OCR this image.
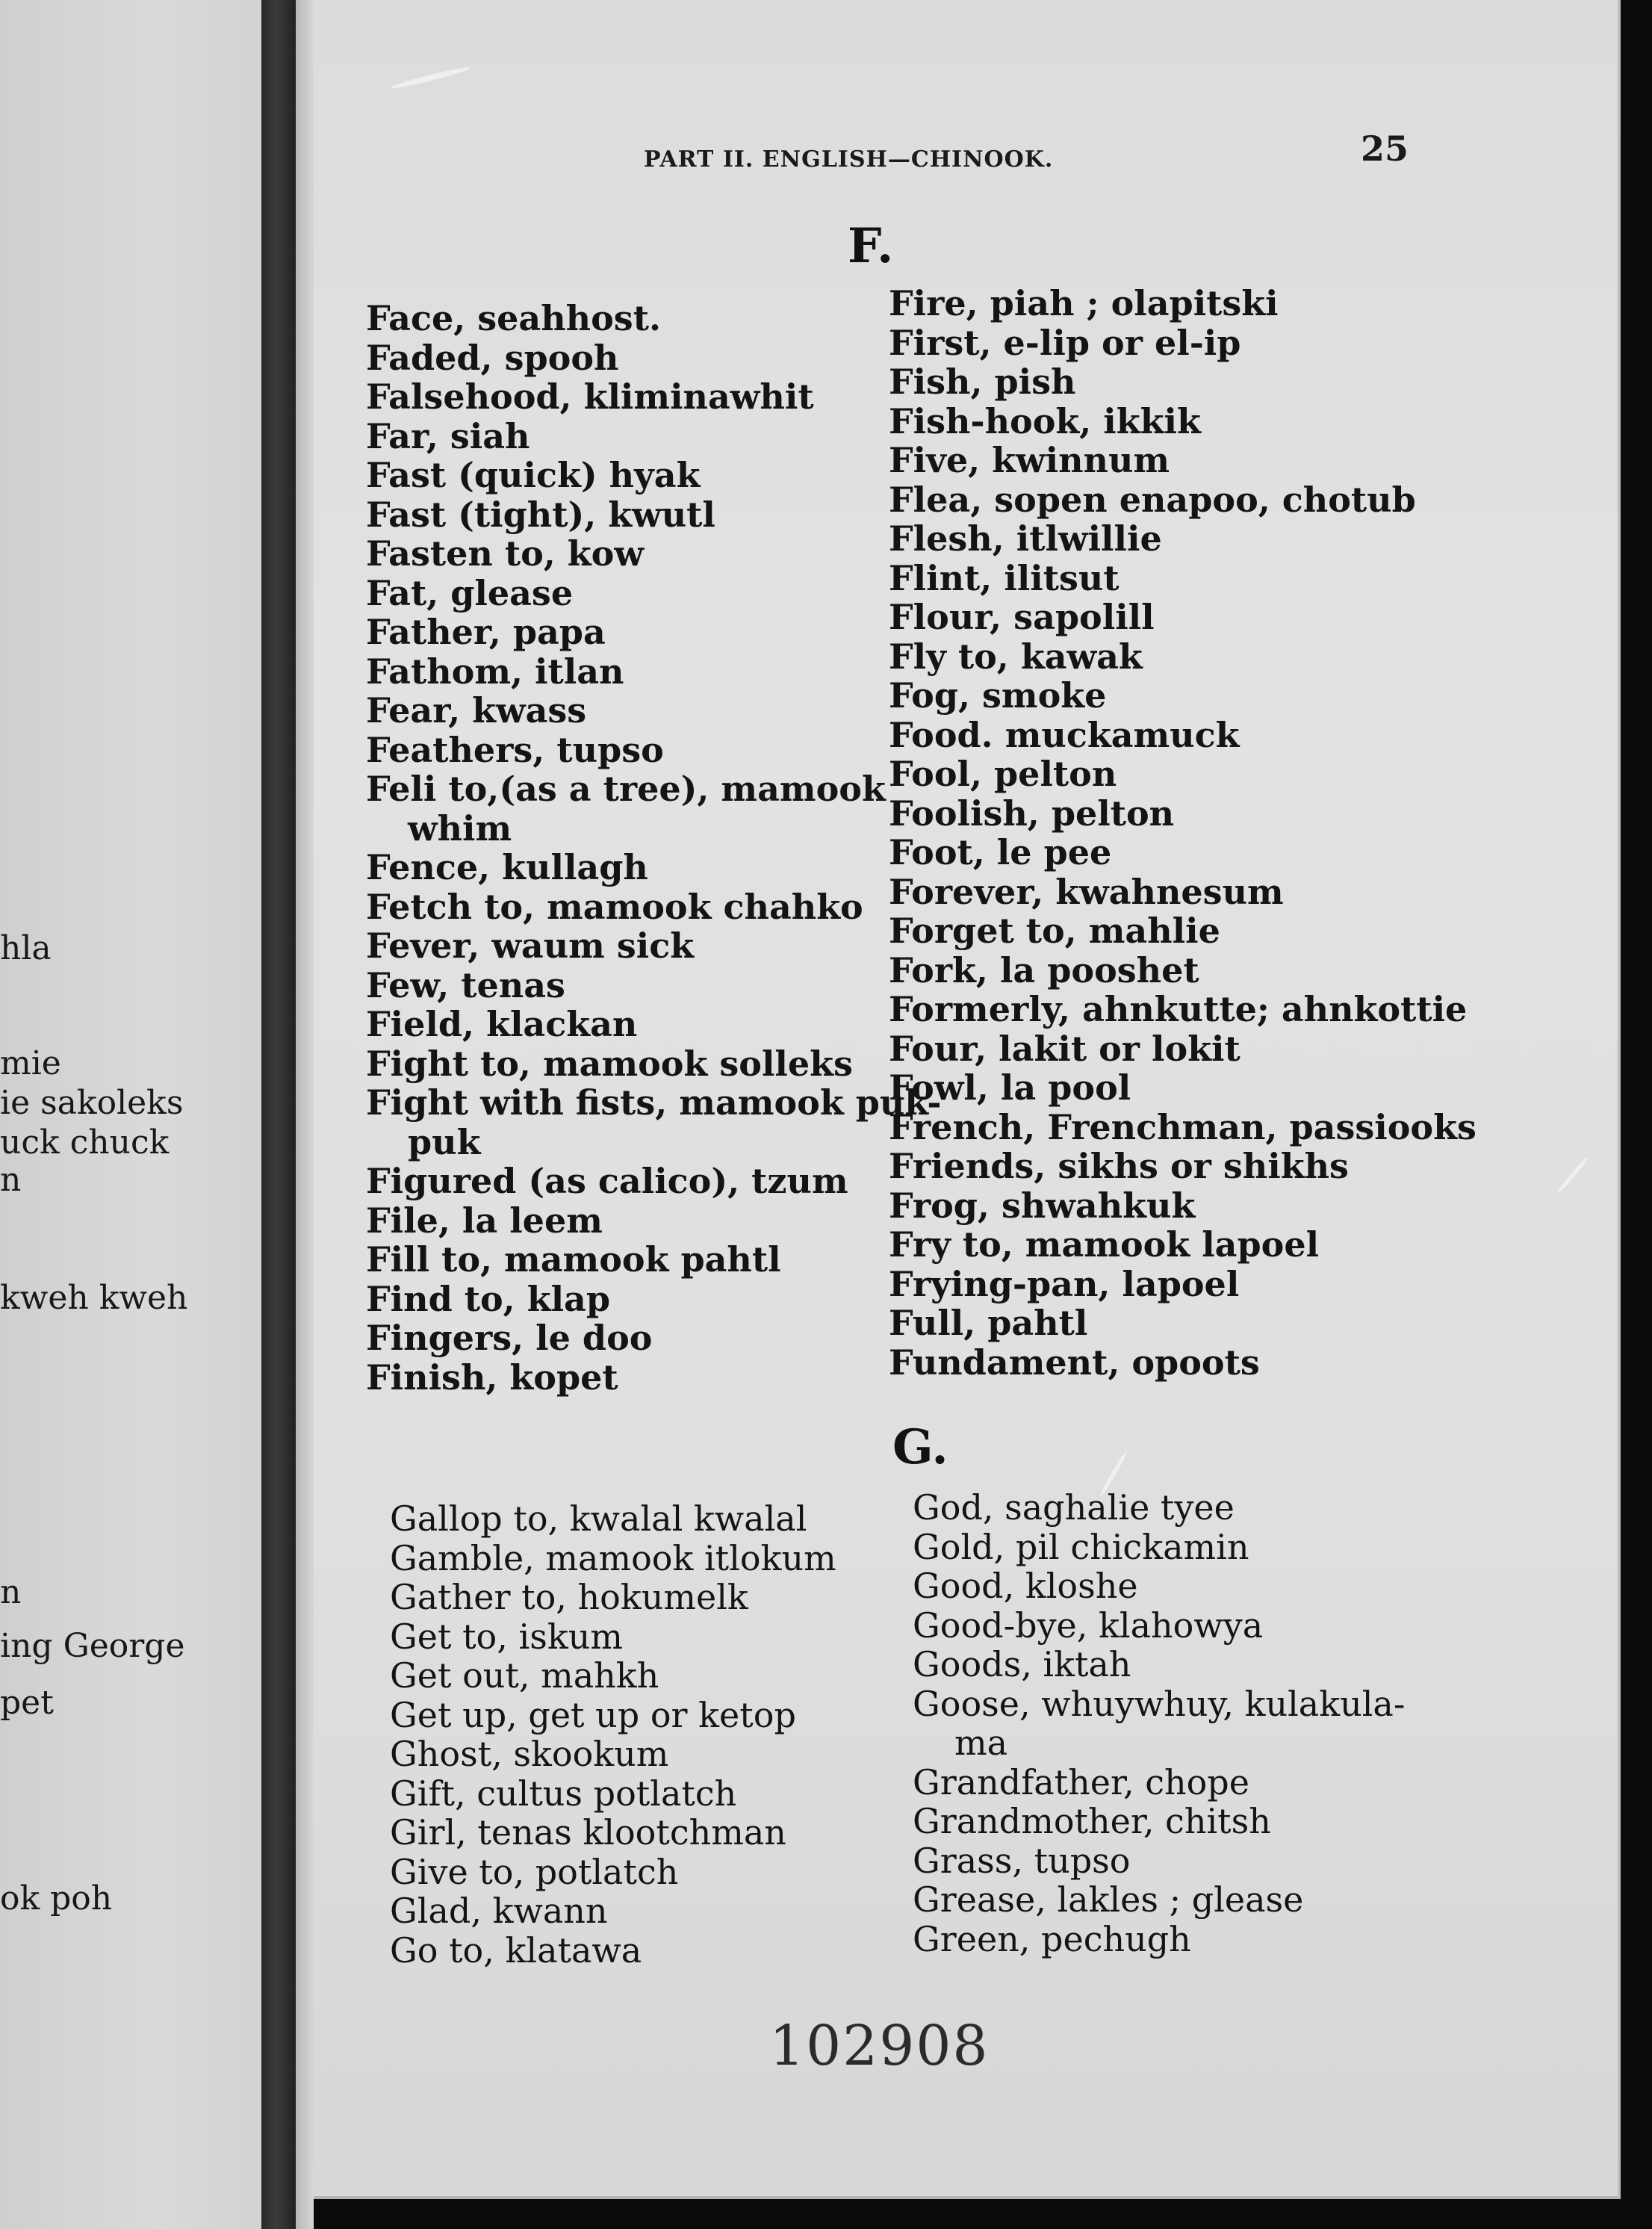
hla
mie
ie sakoleks
uck chuck
n
kweh kweh
n
ing George
pet
ok poh
PART II. ENGLISH—CHINOOK.	25
F.
Face, seahhost.
Faded, spooh
Falsehood, kliminawhit
Far, siah
Fast (quick) hyak
Fast (tight), kwutl
Fasten to, kow
Fat, glease
Father, papa
Fathom, itlan
Fear, kwass
Feathers, tupso
Feli to,(as a tree), mamook
whim
Fence, kullagh
Fetch to, mamook chahko
Fever, waum sick
Few, tenas
Field, klackan
Fight to, mamook solleks
Fight with fists, mamook puk-
puk
Figured (as calico), tzum
File, la leem
Fill to, mamook pahtl
Find to, klap
Fingers, le doo
Finish, kopet
Fire, piah ; olapitski
First, e-lip or el-ip
Fish, pish
Fish-hook, ikkik
Five, kwinnum
Flea, sopen enapoo, chotub
Flesh, itlwillie
Flint, ilitsut
Flour, sapolill
Fly to, kawak
Fog, smoke
Food. muckamuck
Fool, pelton
Foolish, pelton
Foot, le pee
Forever, kwahnesum
Forget to, mahlie
Fork, la pooshet
Formerly, ahnkutte; ahnkottie
Four, lakit or lokit
Fowl, la pool
French, Frenchman, passiooks
Friends, sikhs or shikhs
Frog, shwahkuk
Fry to, mamook lapoel
Frying-pan, lapoel
Full, pahtl
Fundament, opoots
G.
Gallop to, kwalal kwalal
Gamble, mamook itlokum
Gather to, hokumelk
Get to, iskum
Get out, mahkh
Get up, get up or ketop
Ghost, skookum
Gift, cultus potlatch
Girl, tenas klootchman
Give to, potlatch
Glad, kwann
Go to, klatawa
God, saghalie tyee
Gold, pil chickamin
Good, kloshe
Good-bye, klahowya
Goods, iktah
Goose, whuywhuy, kulakula-
ma
Grandfather, chope
Grandmother, chitsh
Grass, tupso
Grease, lakles ; glease
Green, pechugh
102908
